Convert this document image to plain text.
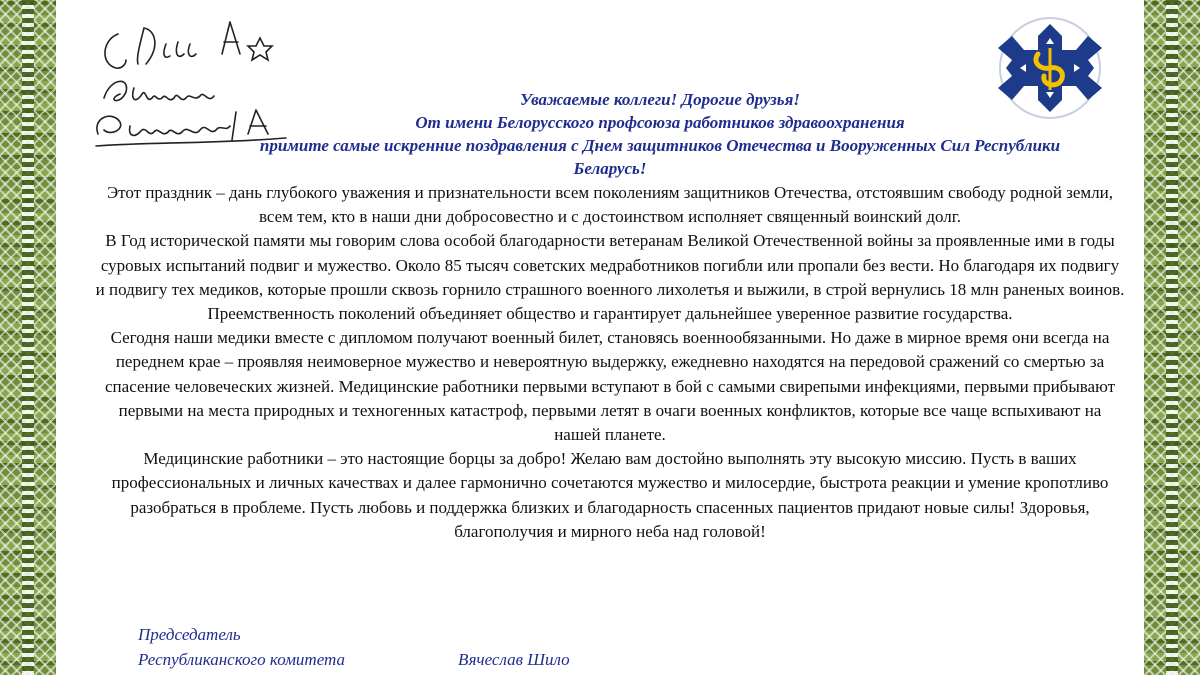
Уважаемые коллеги! Дорогие друзья!
От имени Белорусского профсоюза работников здравоохранения
примите самые искренние поздравления с Днем защитников Отечества и Вооруженных Сил Республики
Беларусь!

Этот праздник – дань глубокого уважения и признательности всем поколениям защитников Отечества, отстоявшим свободу родной земли, всем тем, кто в наши дни добросовестно и с достоинством исполняет священный воинский долг.

В Год исторической памяти мы говорим слова особой благодарности ветеранам Великой Отечественной войны за проявленные ими в годы суровых испытаний подвиг и мужество. Около 85 тысяч советских медработников погибли или пропали без вести. Но благодаря их подвигу и подвигу тех медиков, которые прошли сквозь горнило страшного военного лихолетья и выжили, в строй вернулись 18 млн раненых воинов.

Преемственность поколений объединяет общество и гарантирует дальнейшее уверенное развитие государства.

Сегодня наши медики вместе с дипломом получают военный билет, становясь военнообязанными. Но даже в мирное время они всегда на переднем крае – проявляя неимоверное мужество и невероятную выдержку, ежедневно находятся на передовой сражений со смертью за спасение человеческих жизней. Медицинские работники первыми вступают в бой с самыми свирепыми инфекциями, первыми прибывают первыми на места природных и техногенных катастроф, первыми летят в очаги военных конфликтов, которые все чаще вспыхивают на нашей планете.

Медицинские работники – это настоящие борцы за добро! Желаю вам достойно выполнять эту высокую миссию. Пусть в ваших профессиональных и личных качествах и далее гармонично сочетаются мужество и милосердие, быстрота реакции и умение кропотливо разобраться в проблеме. Пусть любовь и поддержка близких и благодарность спасенных пациентов придают новые силы! Здоровья, благополучия и мирного неба над головой!

Председатель
Республиканского комитета	Вячеслав Шило
